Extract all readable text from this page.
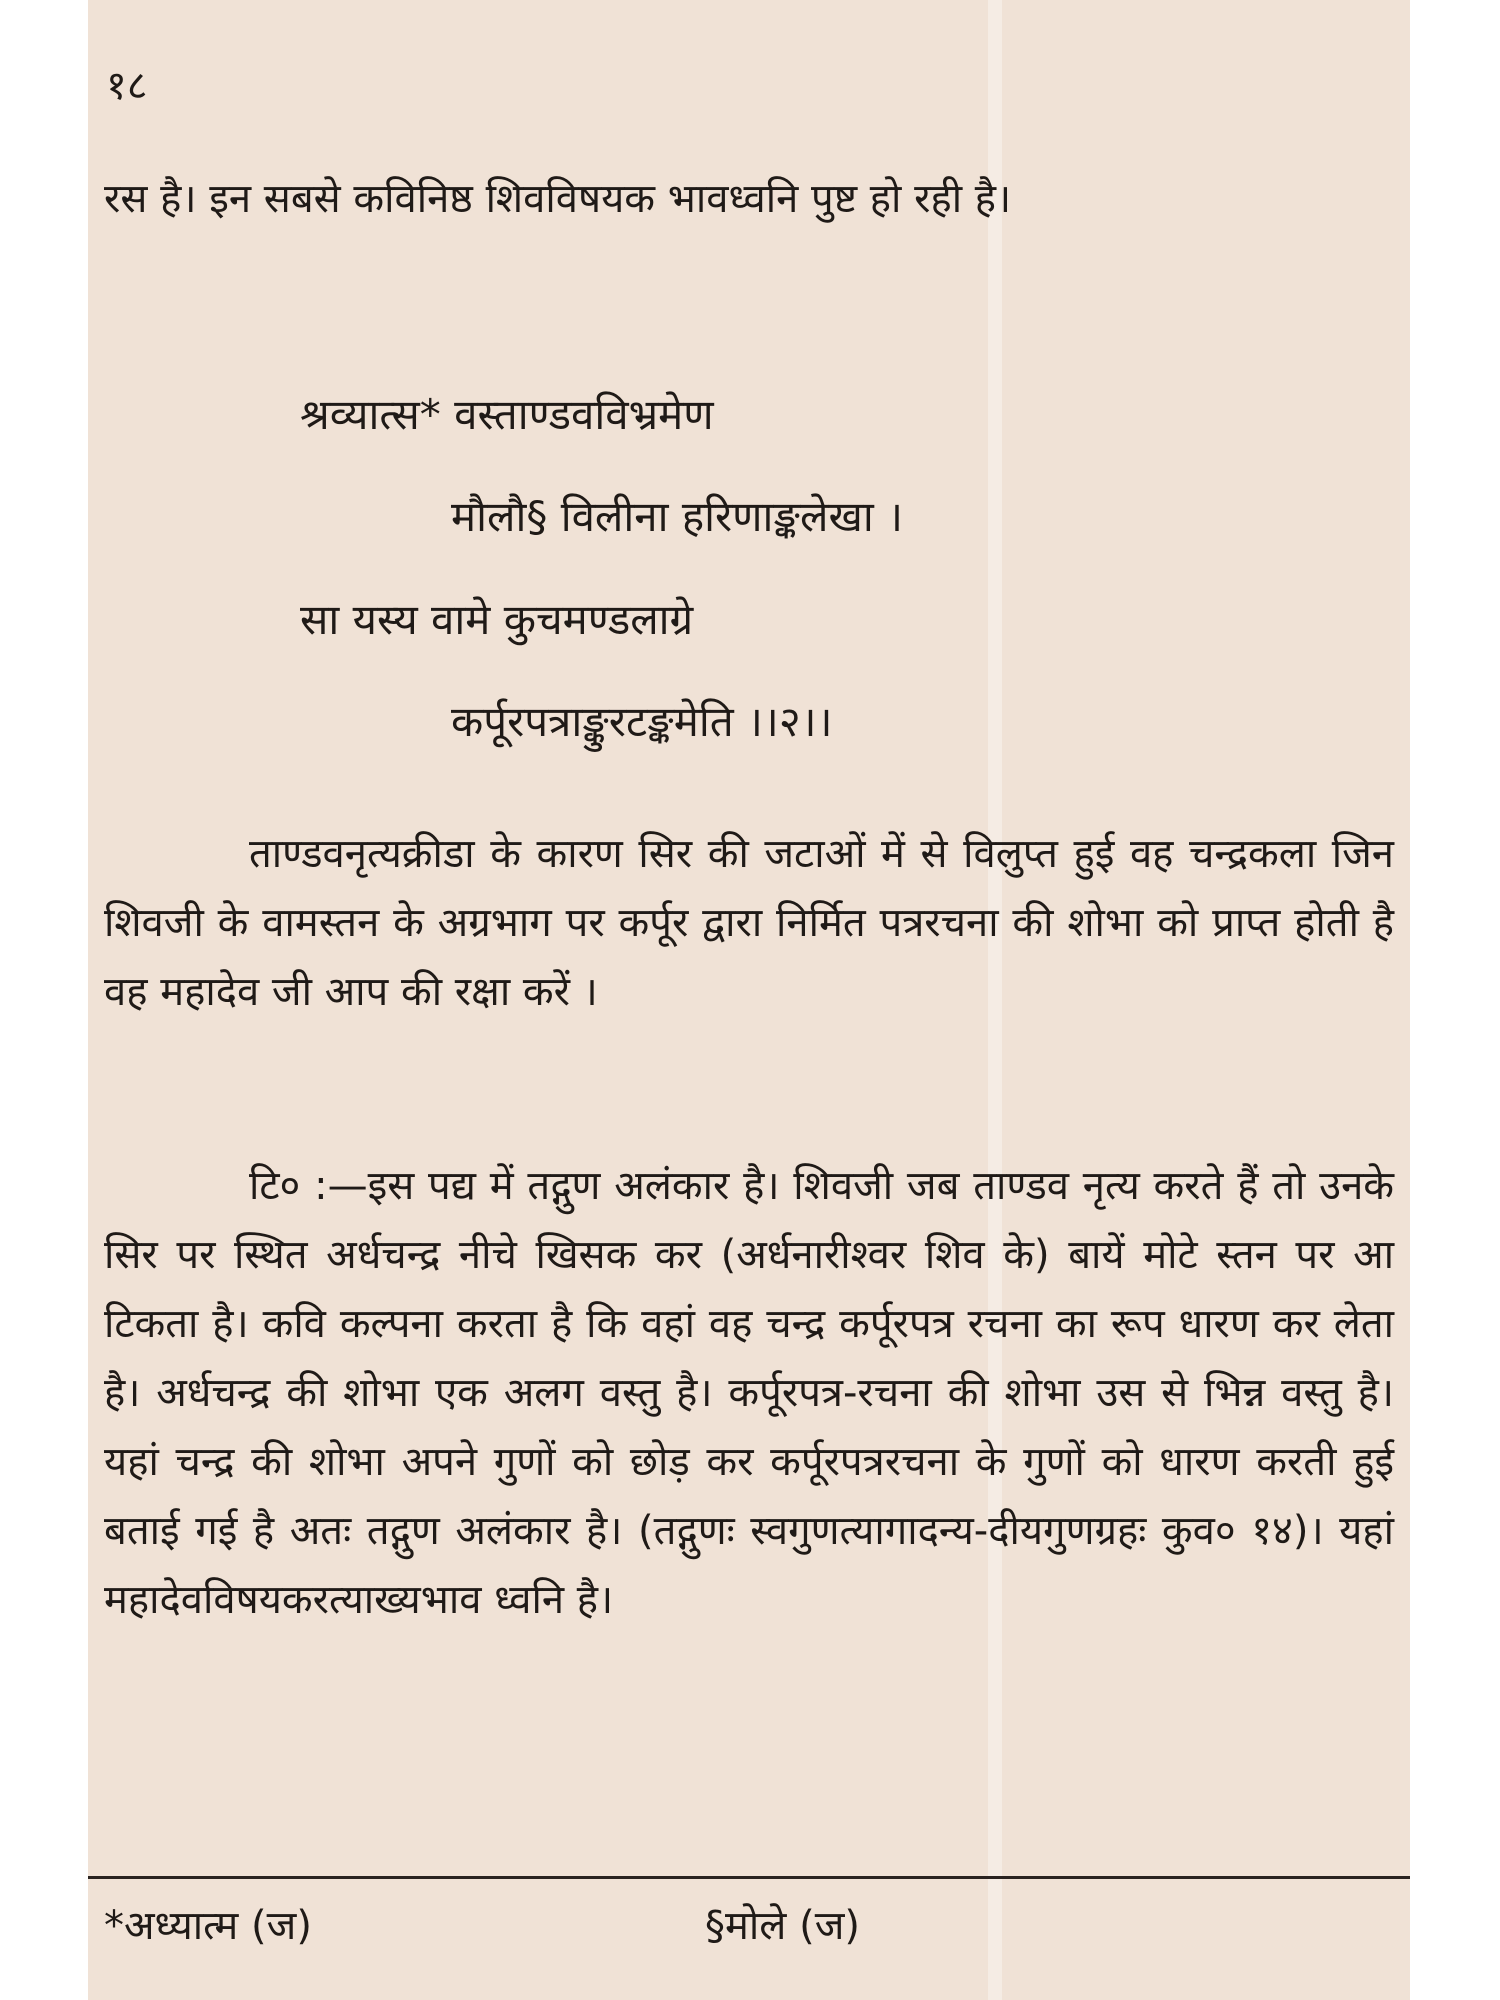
१८

रस है। इन सबसे कविनिष्ठ शिवविषयक भावध्वनि पुष्ट हो रही है।

श्रव्यात्स* वस्ताण्डवविभ्रमेण
मौलौ§ विलीना हरिणाङ्कलेखा ।
सा यस्य वामे कुचमण्डलाग्रे
कर्पूरपत्राङ्कुरटङ्कमेति ।।२।।

ताण्डवनृत्यक्रीडा के कारण सिर की जटाओं में से विलुप्त हुई वह चन्द्रकला जिन शिवजी के वामस्तन के अग्रभाग पर कर्पूर द्वारा निर्मित पत्ररचना की शोभा को प्राप्त होती है वह महादेव जी आप की रक्षा करें ।

टि० :—इस पद्य में तद्गुण अलंकार है। शिवजी जब ताण्डव नृत्य करते हैं तो उनके सिर पर स्थित अर्धचन्द्र नीचे खिसक कर (अर्धनारीश्वर शिव के) बायें मोटे स्तन पर आ टिकता है। कवि कल्पना करता है कि वहां वह चन्द्र कर्पूरपत्र रचना का रूप धारण कर लेता है। अर्धचन्द्र की शोभा एक अलग वस्तु है। कर्पूरपत्र-रचना की शोभा उस से भिन्न वस्तु है। यहां चन्द्र की शोभा अपने गुणों को छोड़ कर कर्पूरपत्ररचना के गुणों को धारण करती हुई बताई गई है अतः तद्गुण अलंकार है। (तद्गुणः स्वगुणत्यागादन्य-दीयगुणग्रहः कुव० १४)। यहां महादेवविषयकरत्याख्यभाव ध्वनि है।

*अध्यात्म (ज)	§मोले (ज)
